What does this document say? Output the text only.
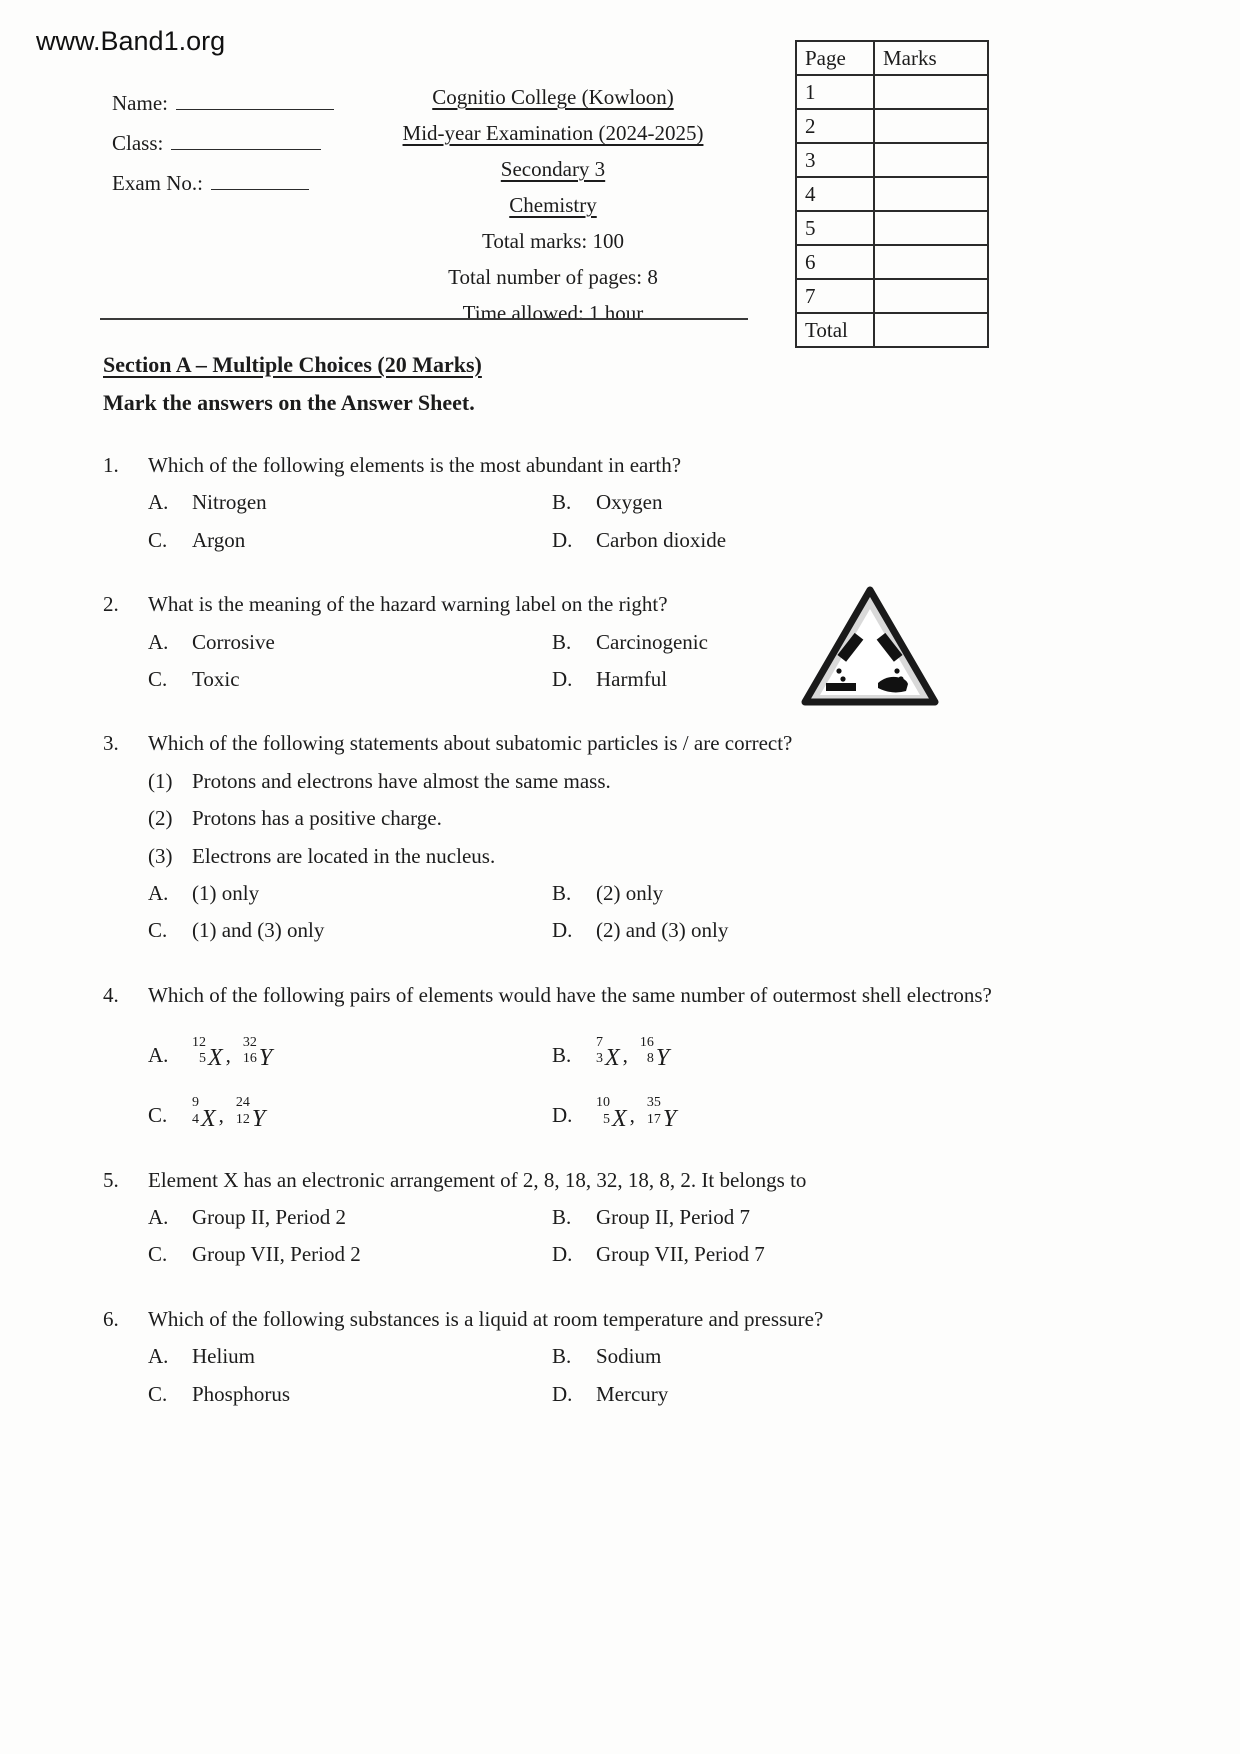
www.Band1.org
Page	Marks
1	
2	
3	
4	
5	
6	
7	
Total	
Name:
Class:
Exam No.:
Cognitio College (Kowloon)
Mid-year Examination (2024-2025)
Secondary 3
Chemistry
Total marks: 100
Total number of pages: 8
Time allowed: 1 hour
Section A – Multiple Choices (20 Marks)
Mark the answers on the Answer Sheet.
1.	Which of the following elements is the most abundant in earth?
A.	Nitrogen	B.	Oxygen
C.	Argon	D.	Carbon dioxide
2.	What is the meaning of the hazard warning label on the right?
A.	Corrosive	B.	Carcinogenic
C.	Toxic	D.	Harmful
3.	Which of the following statements about subatomic particles is / are correct?
(1) Protons and electrons have almost the same mass.
(2) Protons has a positive charge.
(3) Electrons are located in the nucleus.
A.	(1) only	B.	(2) only
C.	(1) and (3) only	D.	(2) and (3) only
4.	Which of the following pairs of elements would have the same number of outermost shell electrons?
A.
12
5 X ,
32
16 Y	B.
7
3 X ,
16
8 Y
C.
9
4 X ,
24
12 Y	D.
10
5 X ,
35
17 Y
5.	Element X has an electronic arrangement of 2, 8, 18, 32, 18, 8, 2. It belongs to
A.	Group II, Period 2	B.	Group II, Period 7
C.	Group VII, Period 2	D.	Group VII, Period 7
6.	Which of the following substances is a liquid at room temperature and pressure?
A.	Helium	B.	Sodium
C.	Phosphorus	D.	Mercury
